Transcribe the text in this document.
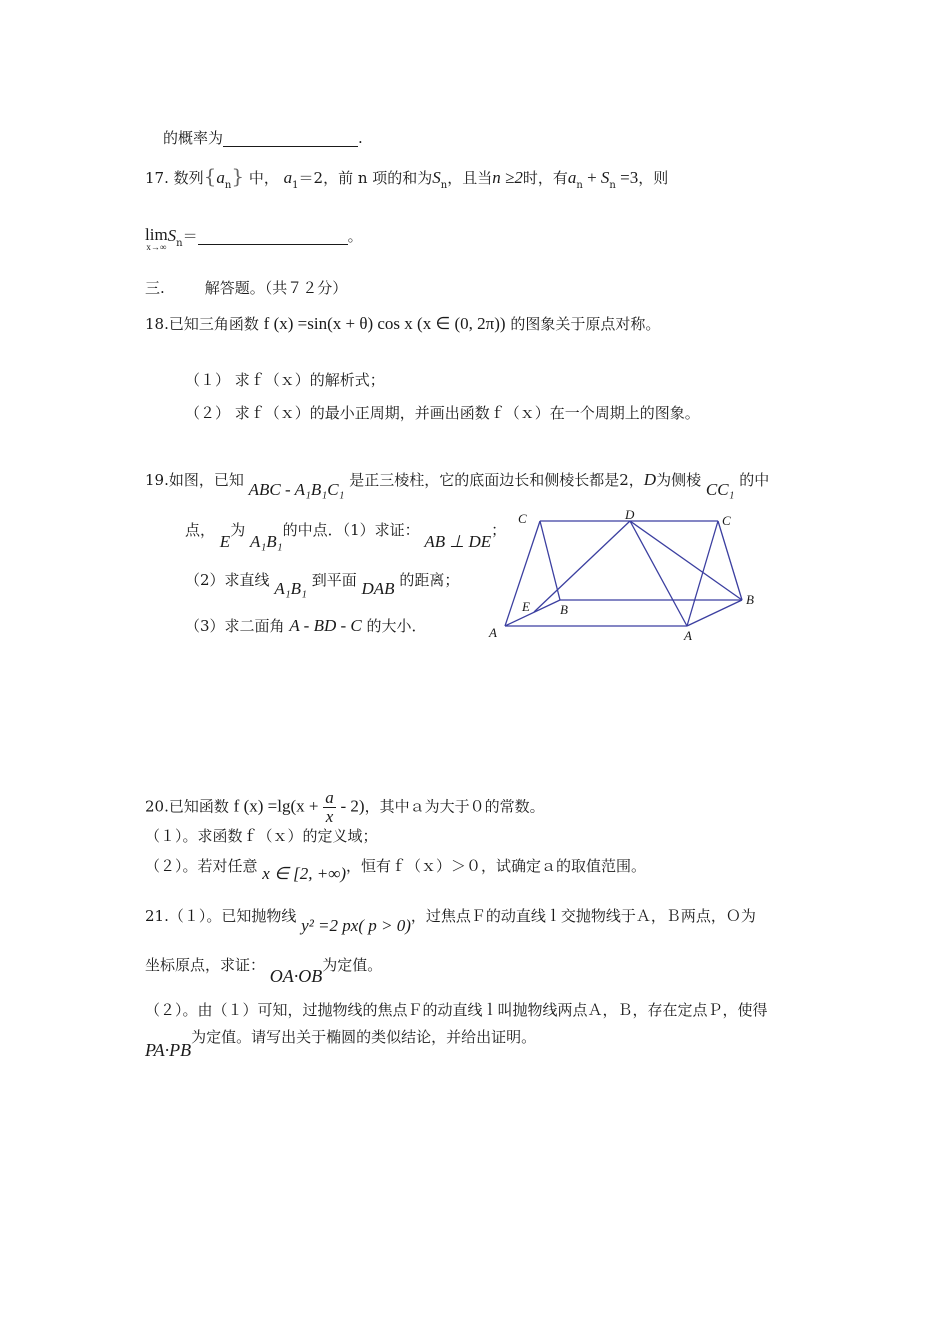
的概率为	.
17. 数列$\{a_n\}$ 中， $a_1=2$，前 n 项的和为$S_n$，且当n ≥2时，有$a_n + S_n =3$，则
lim
x→∞
$S_n=$	。
三.	解答题。（共７２分）
18.已知三角函数 f (x) =sin(x + θ) cos x (x ∈ (0, 2π)) 的图象关于原点对称。
（１） 求ｆ（ｘ）的解析式；
（２） 求ｆ（ｘ）的最小正周期，并画出函数ｆ（ｘ）在一个周期上的图象。
19.如图，已知 ABC - A₁B₁C₁ 是正三棱柱，它的底面边长和侧棱长都是2，D为侧棱 CC₁ 的中
点， E为 A₁B₁的中点．（1）求证： AB ⊥ DE；
（2）求直线 A₁B₁ 到平面 DAB 的距离；
（3）求二面角 A - BD - C 的大小．
C	D	C
E B
B
A	A
20.已知函数 f $(x) =\lg(x + \frac{a}{x} - 2)$，其中ａ为大于０的常数。
（１）。求函数ｆ（ｘ）的定义域；
（２）。若对任意 x ∈ [2, +∞)，恒有ｆ（ｘ）＞０，试确定ａ的取值范围。
21.（１）。已知抛物线 y² =2 px( p > 0)，过焦点Ｆ的动直线ｌ交抛物线于Ａ，Ｂ两点，Ｏ为
坐标原点，求证： OA·OB为定值。
（２）。由（１）可知，过抛物线的焦点Ｆ的动直线ｌ叫抛物线两点Ａ，Ｂ，存在定点Ｐ，使得
PA·PB为定值。请写出关于椭圆的类似结论，并给出证明。
